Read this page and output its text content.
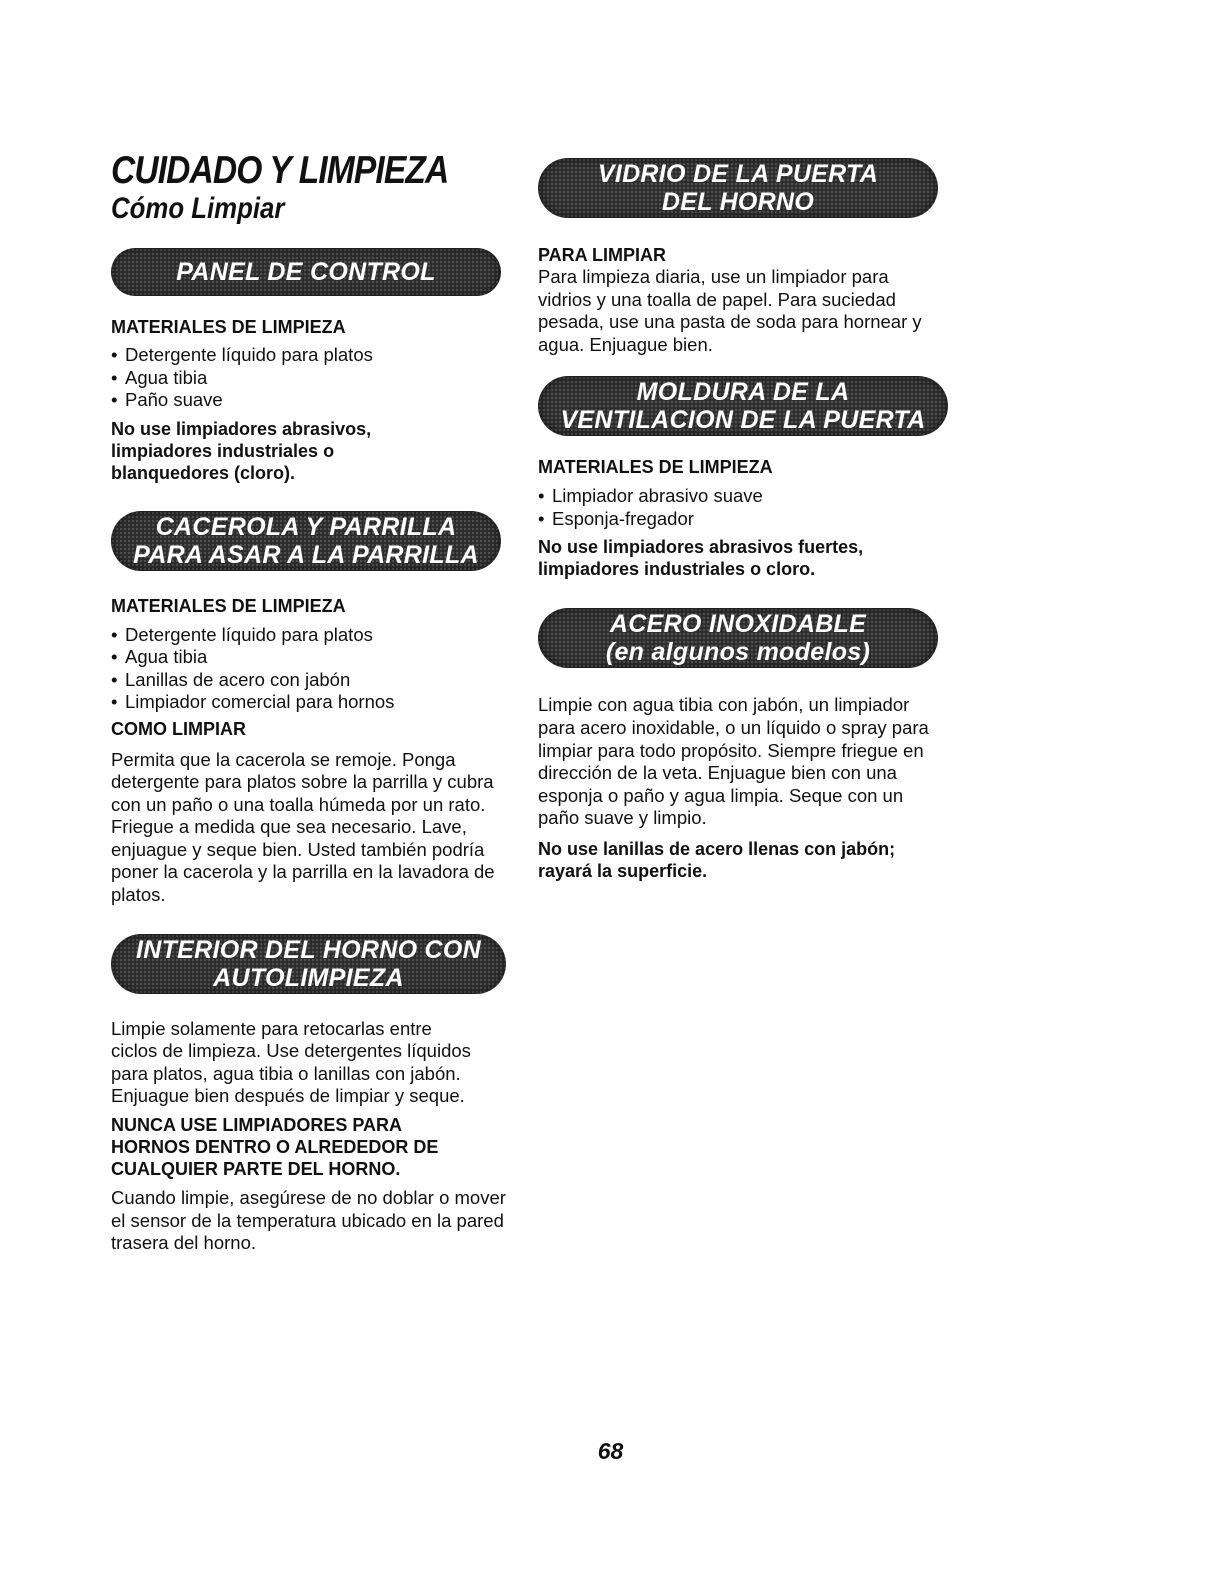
CUIDADO Y LIMPIEZA
Cómo Limpiar
PANEL DE CONTROL

MATERIALES DE LIMPIEZA

• Detergente líquido para platos
• Agua tibia
• Paño suave

No use limpiadores abrasivos, limpiadores industriales o blanquedores (cloro).

CACEROLA Y PARRILLA
PARA ASAR A LA PARRILLA

MATERIALES DE LIMPIEZA

• Detergente líquido para platos
• Agua tibia
• Lanillas de acero con jabón
• Limpiador comercial para hornos

COMO LIMPIAR

Permita que la cacerola se remoje. Ponga detergente para platos sobre la parrilla y cubra con un paño o una toalla húmeda por un rato. Friegue a medida que sea necesario. Lave, enjuague y seque bien. Usted también podría poner la cacerola y la parrilla en la lavadora de platos.

INTERIOR DEL HORNO CON
AUTOLIMPIEZA

Limpie solamente para retocarlas entre ciclos de limpieza. Use detergentes líquidos para platos, agua tibia o lanillas con jabón. Enjuague bien después de limpiar y seque.

NUNCA USE LIMPIADORES PARA HORNOS DENTRO O ALREDEDOR DE CUALQUIER PARTE DEL HORNO.

Cuando limpie, asegúrese de no doblar o mover el sensor de la temperatura ubicado en la pared trasera del horno.

VIDRIO DE LA PUERTA
DEL HORNO

PARA LIMPIAR

Para limpieza diaria, use un limpiador para vidrios y una toalla de papel. Para suciedad pesada, use una pasta de soda para hornear y agua. Enjuague bien.

MOLDURA DE LA
VENTILACION DE LA PUERTA

MATERIALES DE LIMPIEZA

• Limpiador abrasivo suave
• Esponja-fregador

No use limpiadores abrasivos fuertes, limpiadores industriales o cloro.

ACERO INOXIDABLE
(en algunos modelos)

Limpie con agua tibia con jabón, un limpiador para acero inoxidable, o un líquido o spray para limpiar para todo propósito. Siempre friegue en dirección de la veta. Enjuague bien con una esponja o paño y agua limpia. Seque con un paño suave y limpio.

No use lanillas de acero llenas con jabón; rayará la superficie.

68
